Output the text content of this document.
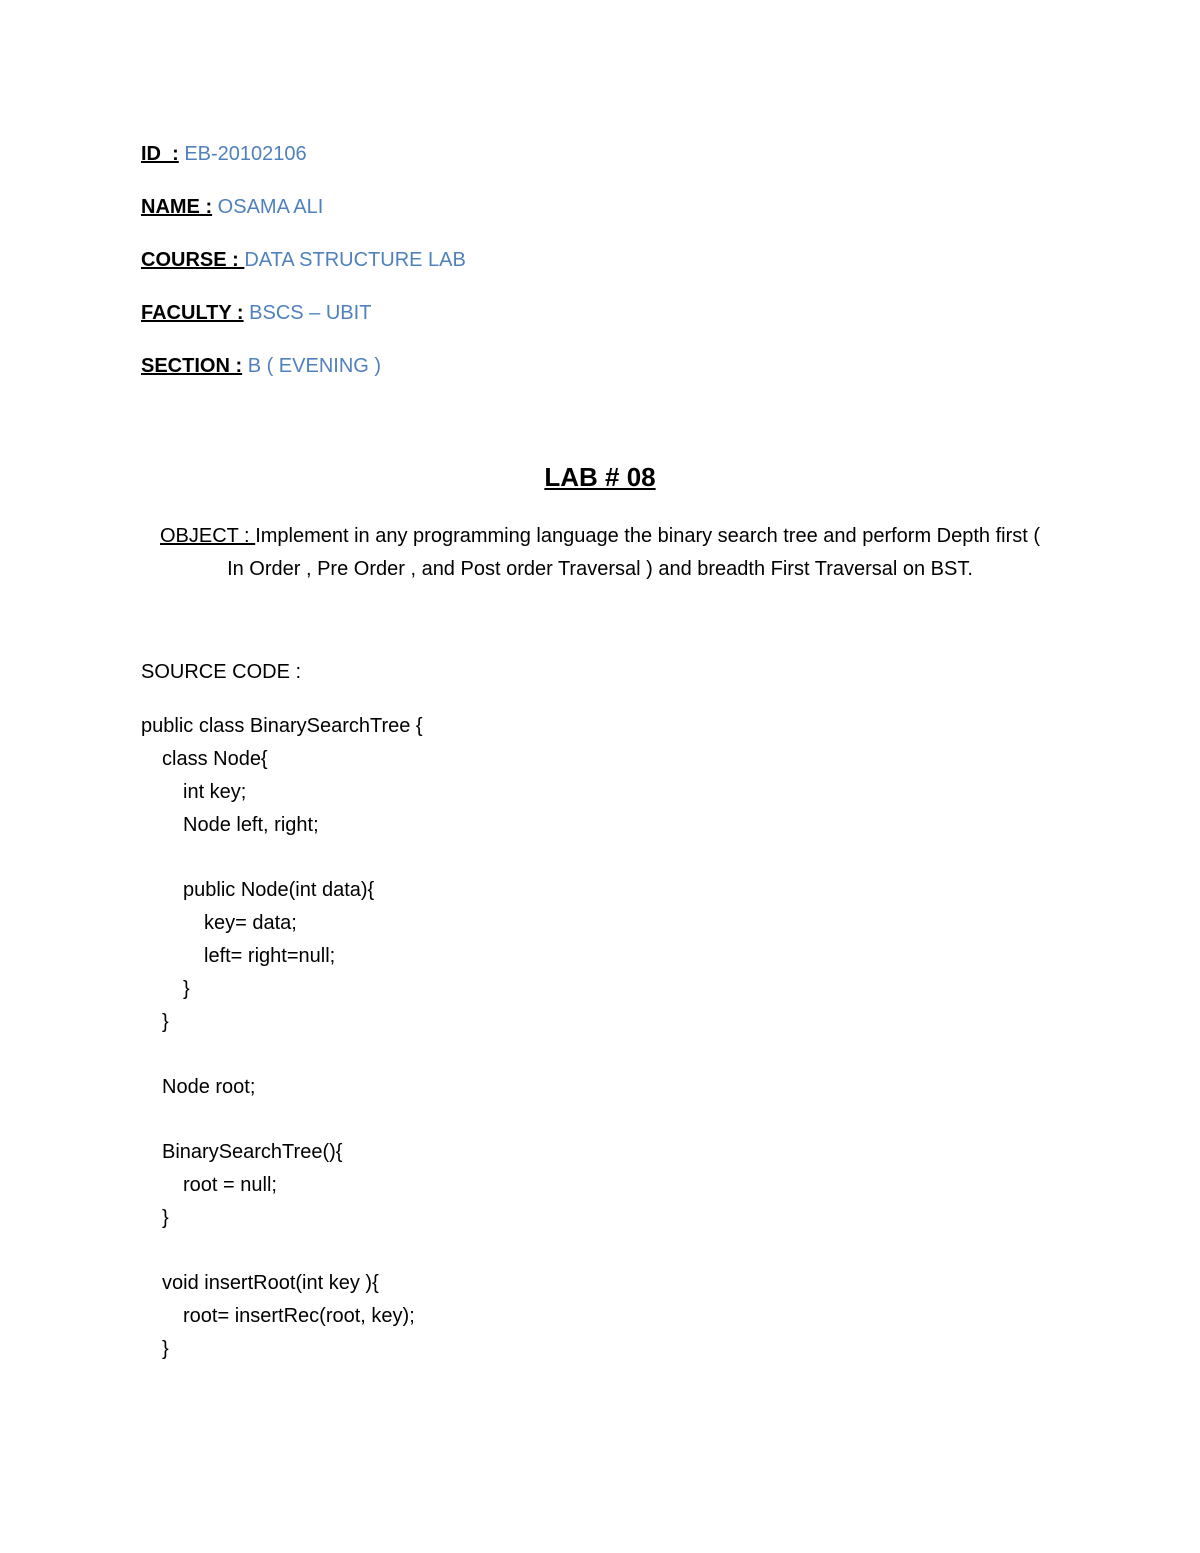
ID  : EB-20102106
NAME : OSAMA ALI
COURSE : DATA STRUCTURE LAB
FACULTY : BSCS – UBIT
SECTION : B ( EVENING )
LAB # 08
OBJECT : Implement in any programming language the binary search tree and perform Depth first ( In Order , Pre Order , and Post order Traversal ) and breadth First Traversal on BST.
SOURCE CODE :
public class BinarySearchTree {
class Node{
int key;
Node left, right;
public Node(int data){
key= data;
left= right=null;
}
}
Node root;
BinarySearchTree(){
root = null;
}
void insertRoot(int key ){
root= insertRec(root, key);
}
